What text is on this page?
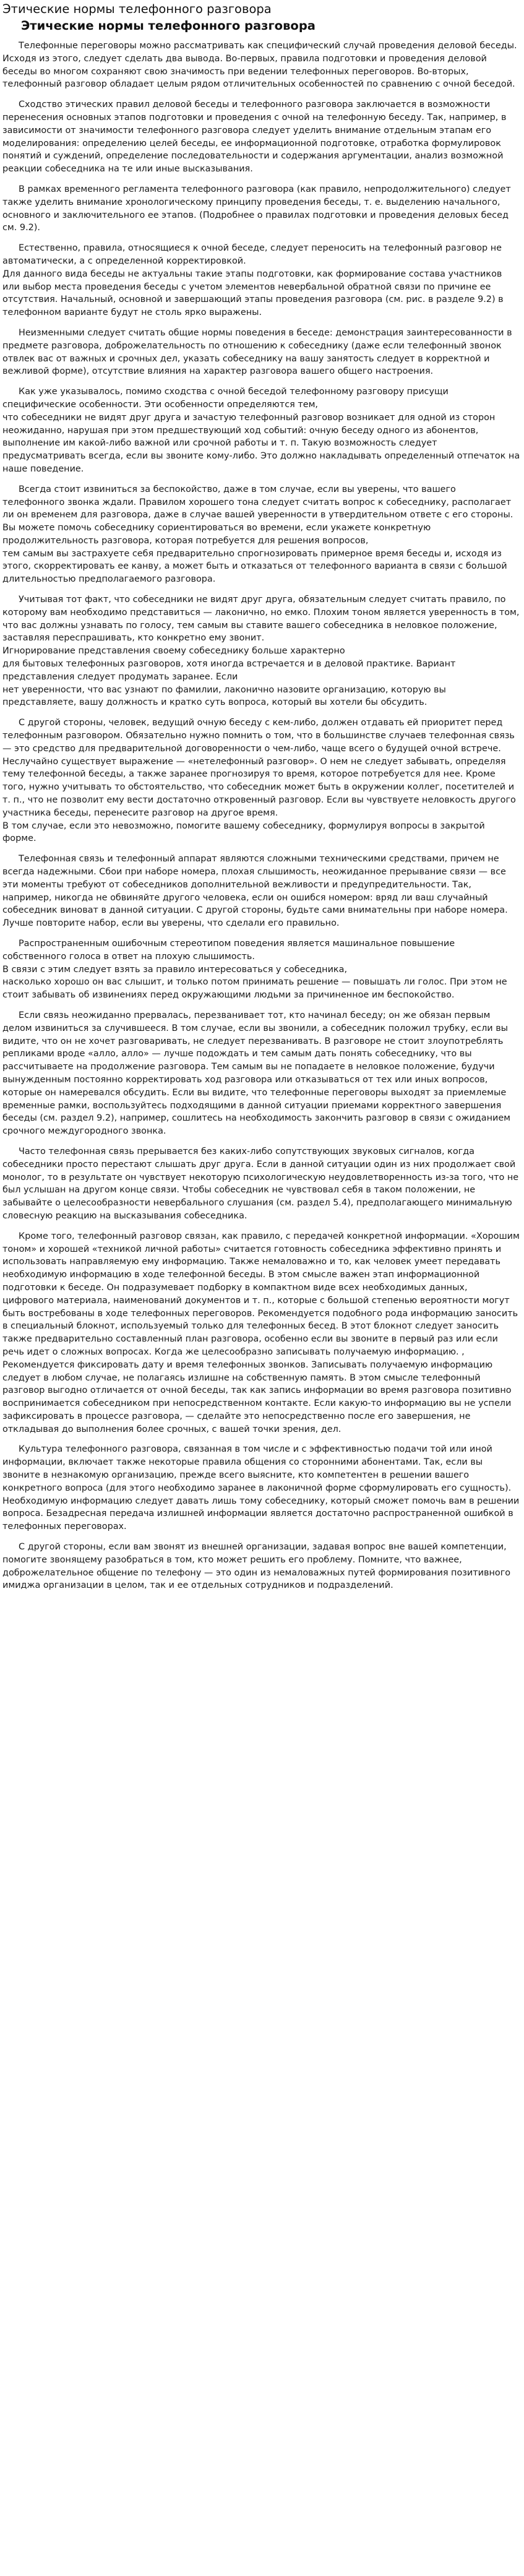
Этические нормы телефонного разговора
Этические нормы телефонного разговора

Телефонные переговоры можно рассматривать как специфический случай проведения деловой беседы. Исходя из этого, следует сделать два вывода. Во-первых, правила подготовки и проведения деловой беседы во многом сохраняют свою значимость при ведении телефонных переговоров. Во-вторых, телефонный разговор обладает целым рядом отличительных особенностей по сравнению с очной беседой.

Сходство этических правил деловой беседы и телефонного разговора заключается в возможности перенесения основных этапов подготовки и проведения с очной на телефонную беседу. Так, например, в зависимости от значимости телефонного разговора следует уделить внимание отдельным этапам его моделирования: определению целей беседы, ее информационной подготовке, отработка формулировок понятий и суждений, определение последовательности и содержания аргументации, анализ возможной реакции собеседника на те или иные высказывания.

В рамках временного регламента телефонного разговора (как правило, непродолжительного) следует также уделить внимание хронологическому принципу проведения беседы, т. е. выделению начального, основного и заключительного ее этапов. (Подробнее о правилах подготовки и проведения деловых бесед см. 9.2).

Естественно, правила, относящиеся к очной беседе, следует переносить на телефонный разговор не автоматически, а с определенной корректировкой.
Для данного вида беседы не актуальны такие этапы подготовки, как формирование состава участников или выбор места проведения беседы с учетом элементов невербальной обратной связи по причине ее отсутствия. Начальный, основной и завершающий этапы проведения разговора (см. рис. в разделе 9.2) в телефонном варианте будут не столь ярко выражены.

Неизменными следует считать общие нормы поведения в беседе: демонстрация заинтересованности в предмете разговора, доброжелательность по отношению к собеседнику (даже если телефонный звонок отвлек вас от важных и срочных дел, указать собеседнику на вашу занятость следует в корректной и вежливой форме), отсутствие влияния на характер разговора вашего общего настроения.

Как уже указывалось, помимо сходства с очной беседой телефонному разговору присущи специфические особенности. Эти особенности определяются тем,
что собеседники не видят друг друга и зачастую телефонный разговор возникает для одной из сторон неожиданно, нарушая при этом предшествующий ход событий: очную беседу одного из абонентов, выполнение им какой-либо важной или срочной работы и т. п. Такую возможность следует предусматривать всегда, если вы звоните кому-либо. Это должно накладывать определенный отпечаток на наше поведение.

Всегда стоит извиниться за беспокойство, даже в том случае, если вы уверены, что вашего телефонного звонка ждали. Правилом хорошего тона следует считать вопрос к собеседнику, располагает ли он временем для разговора, даже в случае вашей уверенности в утвердительном ответе с его стороны. Вы можете помочь собеседнику сориентироваться во времени, если укажете конкретную продолжительность разговора, которая потребуется для решения вопросов,
тем самым вы застрахуете себя предварительно спрогнозировать примерное время беседы и, исходя из этого, скорректировать ее канву, а может быть и отказаться от телефонного варианта в связи с большой длительностью предполагаемого разговора.

Учитывая тот факт, что собеседники не видят друг друга, обязательным следует считать правило, по которому вам необходимо представиться — лаконично, но емко. Плохим тоном является уверенность в том, что вас должны узнавать по голосу, тем самым вы ставите вашего собеседника в неловкое положение, заставляя переспрашивать, кто конкретно ему звонит.
Игнорирование представления своему собеседнику больше характерно
для бытовых телефонных разговоров, хотя иногда встречается и в деловой практике. Вариант представления следует продумать заранее. Если
нет уверенности, что вас узнают по фамилии, лаконично назовите организацию, которую вы представляете, вашу должность и кратко суть вопроса, который вы хотели бы обсудить.

С другой стороны, человек, ведущий очную беседу с кем-либо, должен отдавать ей приоритет перед телефонным разговором. Обязательно нужно помнить о том, что в большинстве случаев телефонная связь — это средство для предварительной договоренности о чем-либо, чаще всего о будущей очной встрече. Неслучайно существует выражение — «нетелефонный разговор». О нем не следует забывать, определяя тему телефонной беседы, а также заранее прогнозируя то время, которое потребуется для нее. Кроме того, нужно учитывать то обстоятельство, что собеседник может быть в окружении коллег, посетителей и т. п., что не позволит ему вести достаточно откровенный разговор. Если вы чувствуете неловкость другого участника беседы, перенесите разговор на другое время.
В том случае, если это невозможно, помогите вашему собеседнику, формулируя вопросы в закрытой форме.

Телефонная связь и телефонный аппарат являются сложными техническими средствами, причем не всегда надежными. Сбои при наборе номера, плохая слышимость, неожиданное прерывание связи — все эти моменты требуют от собеседников дополнительной вежливости и предупредительности. Так, например, никогда не обвиняйте другого человека, если он ошибся номером: вряд ли ваш случайный собеседник виноват в данной ситуации. С другой стороны, будьте сами внимательны при наборе номера. Лучше повторите набор, если вы уверены, что сделали его правильно.

Распространенным ошибочным стереотипом поведения является машинальное повышение собственного голоса в ответ на плохую слышимость.
В связи с этим следует взять за правило интересоваться у собеседника,
насколько хорошо он вас слышит, и только потом принимать решение — повышать ли голос. При этом не стоит забывать об извинениях перед окружающими людьми за причиненное им беспокойство.

Если связь неожиданно прервалась, перезванивает тот, кто начинал беседу; он же обязан первым делом извиниться за случившееся. В том случае, если вы звонили, а собеседник положил трубку, если вы видите, что он не хочет разговаривать, не следует перезванивать. В разговоре не стоит злоупотреблять репликами вроде «алло, алло» — лучше подождать и тем самым дать понять собеседнику, что вы рассчитываете на продолжение разговора. Тем самым вы не попадаете в неловкое положение, будучи вынужденным постоянно корректировать ход разговора или отказываться от тех или иных вопросов, которые он намеревался обсудить. Если вы видите, что телефонные переговоры выходят за приемлемые временные рамки, воспользуйтесь подходящими в данной ситуации приемами корректного завершения беседы (см. раздел 9.2), например, сошлитесь на необходимость закончить разговор в связи с ожиданием срочного междугородного звонка.

Часто телефонная связь прерывается без каких-либо сопутствующих звуковых сигналов, когда собеседники просто перестают слышать друг друга. Если в данной ситуации один из них продолжает свой монолог, то в результате он чувствует некоторую психологическую неудовлетворенность из-за того, что не был услышан на другом конце связи. Чтобы собеседник не чувствовал себя в таком положении, не забывайте о целесообразности невербального слушания (см. раздел 5.4), предполагающего минимальную словесную реакцию на высказывания собеседника.

Кроме того, телефонный разговор связан, как правило, с передачей конкретной информации. «Хорошим тоном» и хорошей «техникой личной работы» считается готовность собеседника эффективно принять и использовать направляемую ему информацию. Также немаловажно и то, как человек умеет передавать необходимую информацию в ходе телефонной беседы. В этом смысле важен этап информационной подготовки к беседе. Он подразумевает подборку в компактном виде всех необходимых данных, цифрового материала, наименований документов и т. п., которые с большой степенью вероятности могут быть востребованы в ходе телефонных переговоров. Рекомендуется подобного рода информацию заносить в специальный блокнот, используемый только для телефонных бесед. В этот блокнот следует заносить также предварительно составленный план разговора, особенно если вы звоните в первый раз или если речь идет о сложных вопросах. Когда же целесообразно записывать получаемую информацию. , Рекомендуется фиксировать дату и время телефонных звонков. Записывать получаемую информацию следует в любом случае, не полагаясь излишне на собственную память. В этом смысле телефонный разговор выгодно отличается от очной беседы, так как запись информации во время разговора позитивно воспринимается собеседником при непосредственном контакте. Если какую-то информацию вы не успели зафиксировать в процессе разговора, — сделайте это непосредственно после его завершения, не откладывая до выполнения более срочных, с вашей точки зрения, дел.

Культура телефонного разговора, связанная в том числе и с эффективностью подачи той или иной информации, включает также некоторые правила общения со сторонними абонентами. Так, если вы звоните в незнакомую организацию, прежде всего выясните, кто компетентен в решении вашего конкретного вопроса (для этого необходимо заранее в лаконичной форме сформулировать его сущность). Необходимую информацию следует давать лишь тому собеседнику, который сможет помочь вам в решении вопроса. Безадресная передача излишней информации является достаточно распространенной ошибкой в телефонных переговорах.

С другой стороны, если вам звонят из внешней организации, задавая вопрос вне вашей компетенции, помогите звонящему разобраться в том, кто может решить его проблему. Помните, что важнее, доброжелательное общение по телефону — это один из немаловажных путей формирования позитивного имиджа организации в целом, так и ее отдельных сотрудников и подразделений.
